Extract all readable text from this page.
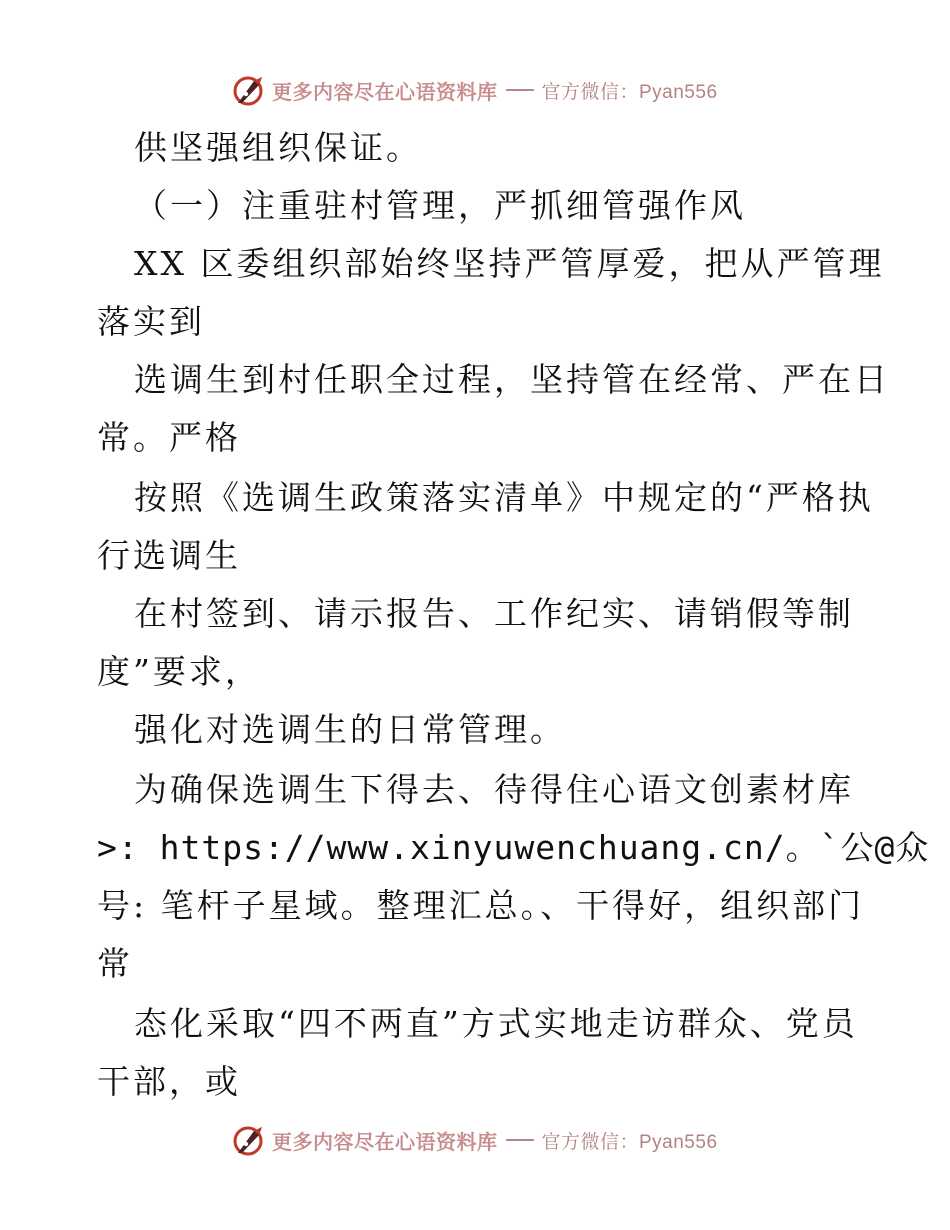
更多内容尽在心语资料库 官方微信：Pyan556
供坚强组织保证。
（一）注重驻村管理，严抓细管强作风
XX 区委组织部始终坚持严管厚爱，把从严管理
落实到
选调生到村任职全过程，坚持管在经常、严在日
常。严格
按照《选调生政策落实清单》中规定的“严格执
行选调生
在村签到、请示报告、工作纪实、请销假等制
度”要求，
强化对选调生的日常管理。
为确保选调生下得去、待得住心语文创素材库
>: https://www.xinyuwenchuang.cn/。`公@众
号: 笔杆子星域。整理汇总。、干得好，组织部门
常
态化采取“四不两直”方式实地走访群众、党员
干部，或
更多内容尽在心语资料库 官方微信：Pyan556
